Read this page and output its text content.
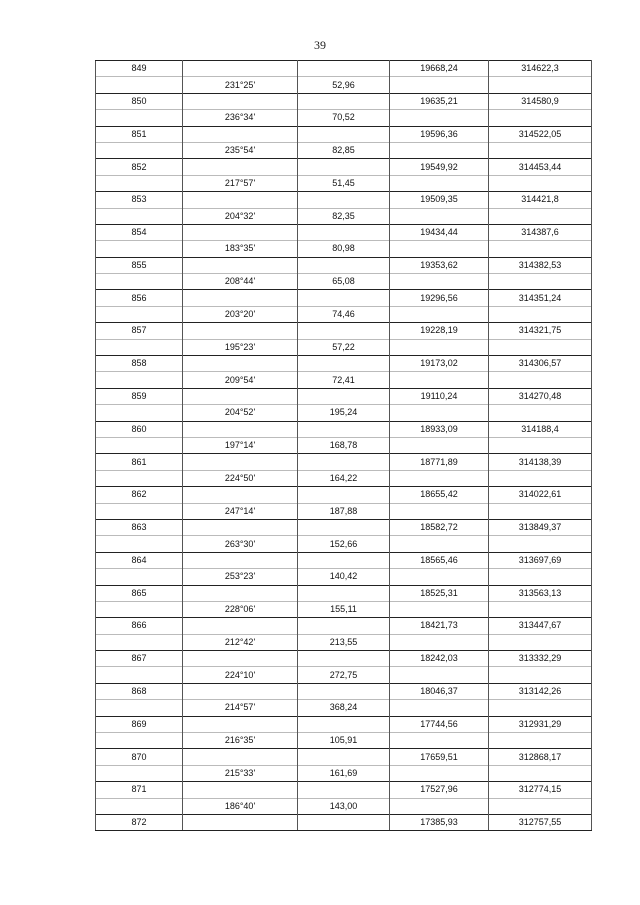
39
849			19668,24	314622,3
	231°25'	52,96		
850			19635,21	314580,9
	236°34'	70,52		
851			19596,36	314522,05
	235°54'	82,85		
852			19549,92	314453,44
	217°57'	51,45		
853			19509,35	314421,8
	204°32'	82,35		
854			19434,44	314387,6
	183°35'	80,98		
855			19353,62	314382,53
	208°44'	65,08		
856			19296,56	314351,24
	203°20'	74,46		
857			19228,19	314321,75
	195°23'	57,22		
858			19173,02	314306,57
	209°54'	72,41		
859			19110,24	314270,48
	204°52'	195,24		
860			18933,09	314188,4
	197°14'	168,78		
861			18771,89	314138,39
	224°50'	164,22		
862			18655,42	314022,61
	247°14'	187,88		
863			18582,72	313849,37
	263°30'	152,66		
864			18565,46	313697,69
	253°23'	140,42		
865			18525,31	313563,13
	228°06'	155,11		
866			18421,73	313447,67
	212°42'	213,55		
867			18242,03	313332,29
	224°10'	272,75		
868			18046,37	313142,26
	214°57'	368,24		
869			17744,56	312931,29
	216°35'	105,91		
870			17659,51	312868,17
	215°33'	161,69		
871			17527,96	312774,15
	186°40'	143,00		
872			17385,93	312757,55
